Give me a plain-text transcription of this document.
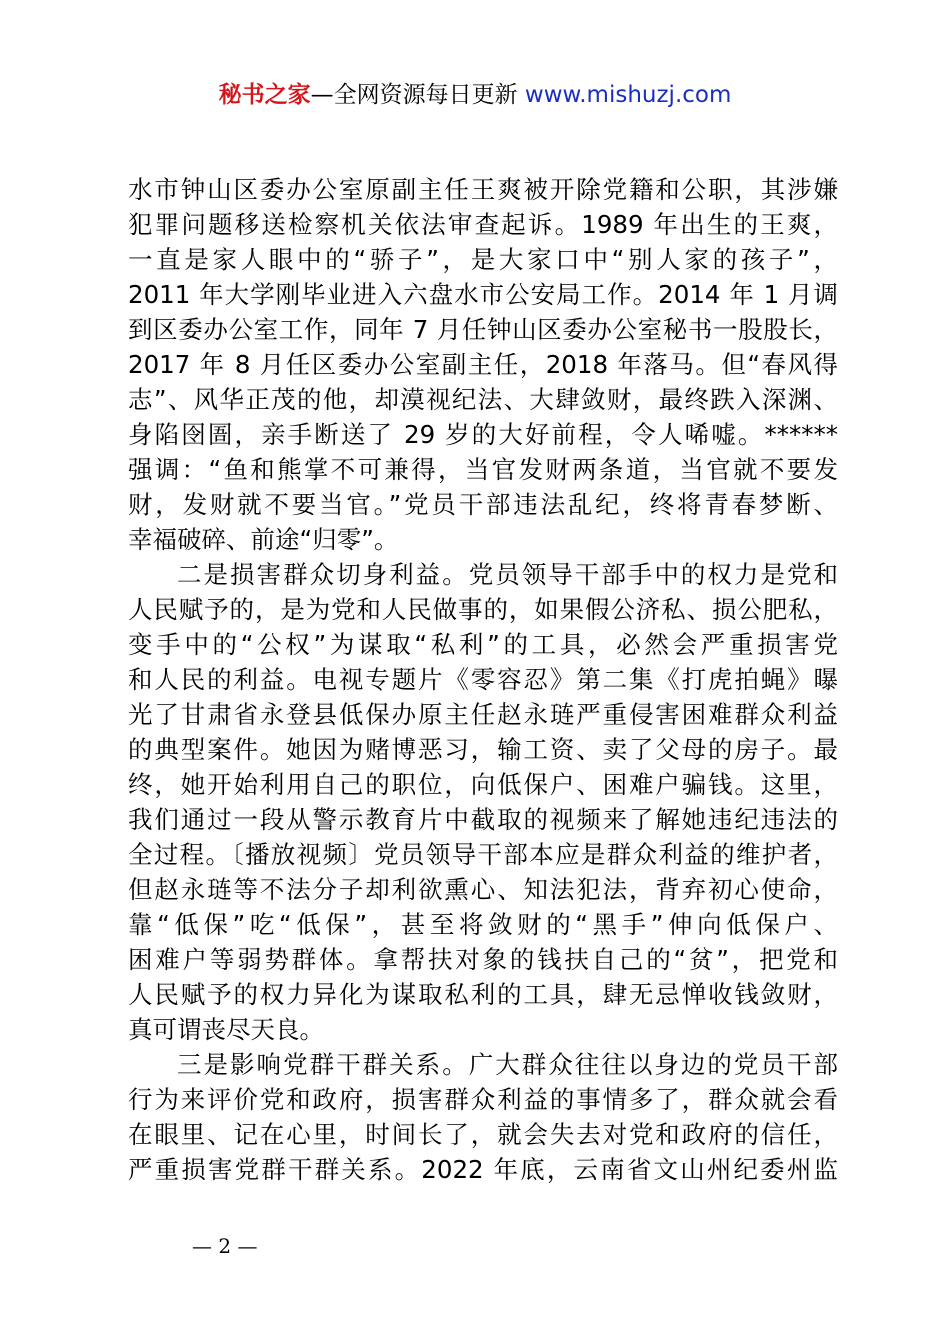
秘书之家—全网资源每日更新 www.mishuzj.com
水市钟山区委办公室原副主任王爽被开除党籍和公职，其涉嫌
犯罪问题移送检察机关依法审查起诉。1989 年出生的王爽，
一直是家人眼中的“骄子”，是大家口中“别人家的孩子”，
2011 年大学刚毕业进入六盘水市公安局工作。2014 年 1 月调
到区委办公室工作，同年 7 月任钟山区委办公室秘书一股股长，
2017 年 8 月任区委办公室副主任，2018 年落马。但“春风得
志”、风华正茂的他，却漠视纪法、大肆敛财，最终跌入深渊、
身陷囹圄，亲手断送了 29 岁的大好前程，令人唏嘘。******
强调：“鱼和熊掌不可兼得，当官发财两条道，当官就不要发
财，发财就不要当官。”党员干部违法乱纪，终将青春梦断、
幸福破碎、前途“归零”。
二是损害群众切身利益。党员领导干部手中的权力是党和
人民赋予的，是为党和人民做事的，如果假公济私、损公肥私，
变手中的“公权”为谋取“私利”的工具，必然会严重损害党
和人民的利益。电视专题片《零容忍》第二集《打虎拍蝇》曝
光了甘肃省永登县低保办原主任赵永琏严重侵害困难群众利益
的典型案件。她因为赌博恶习，输工资、卖了父母的房子。最
终，她开始利用自己的职位，向低保户、困难户骗钱。这里，
我们通过一段从警示教育片中截取的视频来了解她违纪违法的
全过程。〔播放视频〕党员领导干部本应是群众利益的维护者，
但赵永琏等不法分子却利欲熏心、知法犯法，背弃初心使命，
靠“低保”吃“低保”，甚至将敛财的“黑手”伸向低保户、
困难户等弱势群体。拿帮扶对象的钱扶自己的“贫”，把党和
人民赋予的权力异化为谋取私利的工具，肆无忌惮收钱敛财，
真可谓丧尽天良。
三是影响党群干群关系。广大群众往往以身边的党员干部
行为来评价党和政府，损害群众利益的事情多了，群众就会看
在眼里、记在心里，时间长了，就会失去对党和政府的信任，
严重损害党群干群关系。2022 年底，云南省文山州纪委州监
— 2 —
